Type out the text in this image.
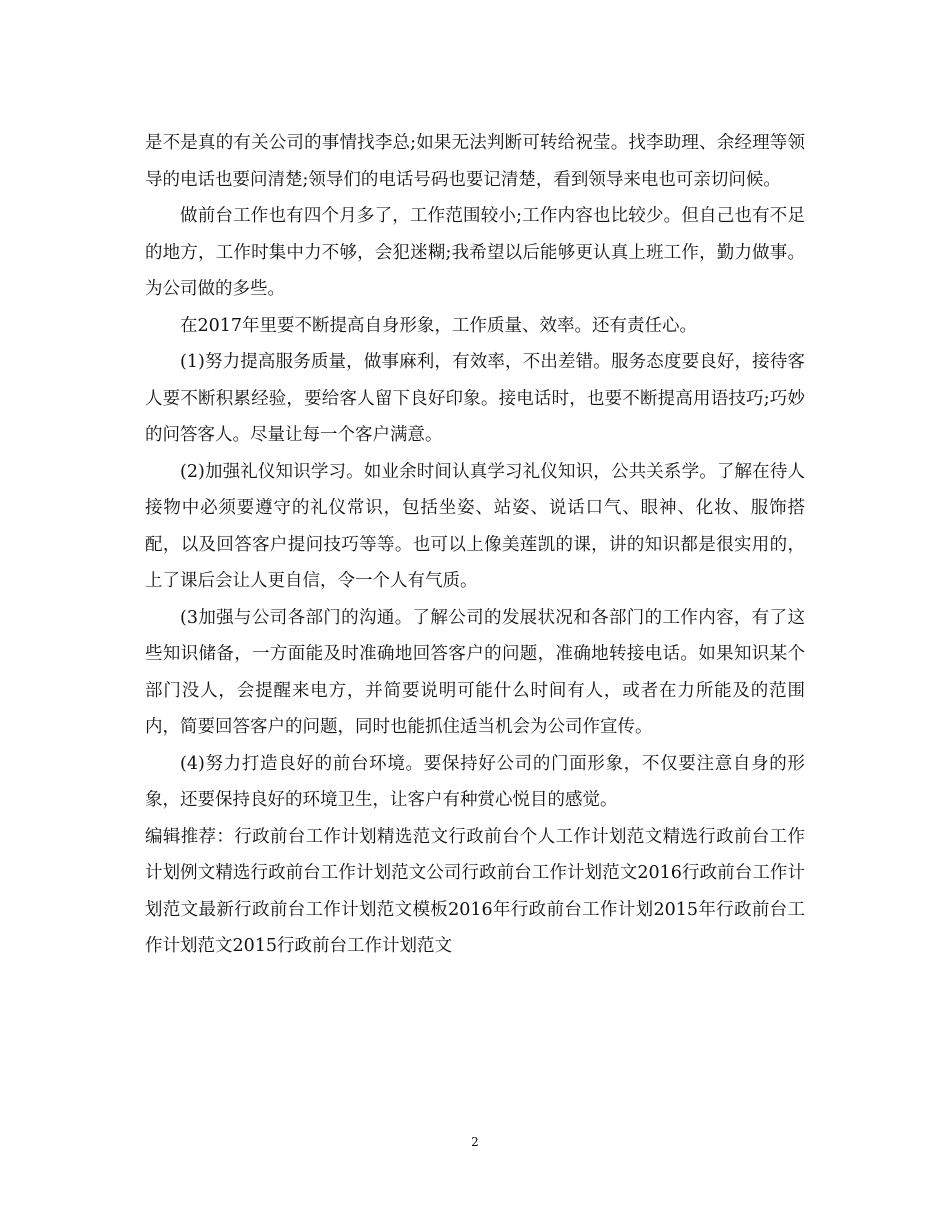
是不是真的有关公司的事情找李总;如果无法判断可转给祝莹。找李助理、余经理等领导的电话也要问清楚;领导们的电话号码也要记清楚，看到领导来电也可亲切问候。

做前台工作也有四个月多了，工作范围较小;工作内容也比较少。但自己也有不足的地方，工作时集中力不够，会犯迷糊;我希望以后能够更认真上班工作，勤力做事。为公司做的多些。

在2017年里要不断提高自身形象，工作质量、效率。还有责任心。

(1)努力提高服务质量，做事麻利，有效率，不出差错。服务态度要良好，接待客人要不断积累经验，要给客人留下良好印象。接电话时，也要不断提高用语技巧;巧妙的问答客人。尽量让每一个客户满意。

(2)加强礼仪知识学习。如业余时间认真学习礼仪知识，公共关系学。了解在待人接物中必须要遵守的礼仪常识，包括坐姿、站姿、说话口气、眼神、化妆、服饰搭配，以及回答客户提问技巧等等。也可以上像美莲凯的课，讲的知识都是很实用的，上了课后会让人更自信，令一个人有气质。

(3加强与公司各部门的沟通。了解公司的发展状况和各部门的工作内容，有了这些知识储备，一方面能及时准确地回答客户的问题，准确地转接电话。如果知识某个部门没人，会提醒来电方，并简要说明可能什么时间有人，或者在力所能及的范围内，简要回答客户的问题，同时也能抓住适当机会为公司作宣传。

(4)努力打造良好的前台环境。要保持好公司的门面形象，不仅要注意自身的形象，还要保持良好的环境卫生，让客户有种赏心悦目的感觉。

编辑推荐：行政前台工作计划精选范文行政前台个人工作计划范文精选行政前台工作计划例文精选行政前台工作计划范文公司行政前台工作计划范文2016行政前台工作计划范文最新行政前台工作计划范文模板2016年行政前台工作计划2015年行政前台工作计划范文2015行政前台工作计划范文

2
